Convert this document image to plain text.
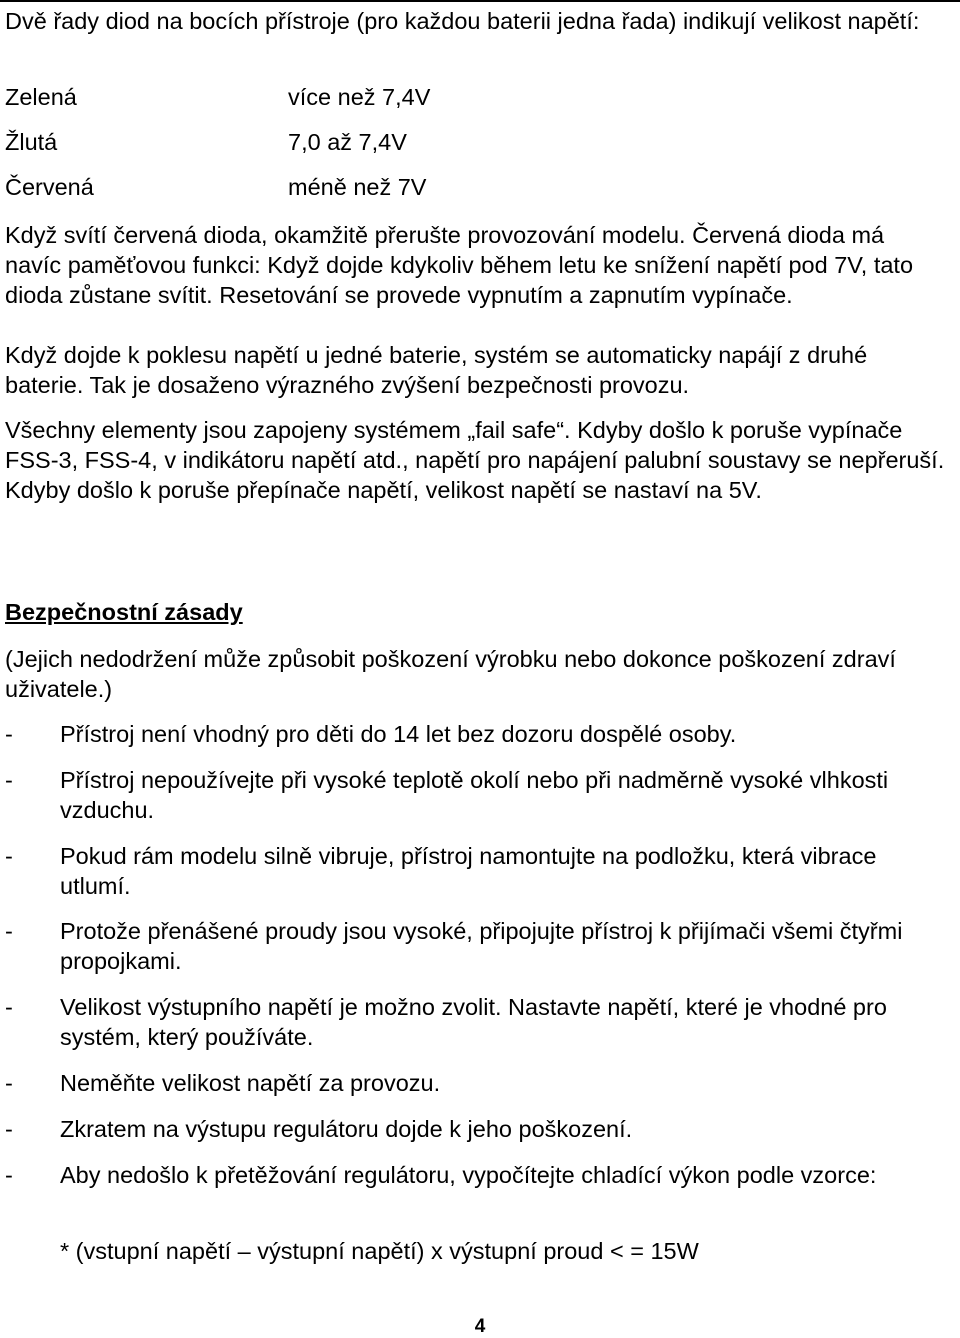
Dvě řady diod na bocích přístroje (pro každou baterii jedna řada) indikují velikost napětí:

Zelená	více než 7,4V
Žlutá	7,0 až 7,4V
Červená	méně než 7V

Když svítí červená dioda, okamžitě přerušte provozování modelu. Červená dioda má navíc paměťovou funkci: Když dojde kdykoliv během letu ke snížení napětí pod 7V, tato dioda zůstane svítit. Resetování se provede vypnutím a zapnutím vypínače.

Když dojde k poklesu napětí u jedné baterie, systém se automaticky napájí z druhé baterie. Tak je dosaženo výrazného zvýšení bezpečnosti provozu.

Všechny elementy jsou zapojeny systémem „fail safe“. Kdyby došlo k poruše vypínače FSS-3, FSS-4, v indikátoru napětí atd., napětí pro napájení palubní soustavy se nepřeruší. Kdyby došlo k poruše přepínače napětí, velikost napětí se nastaví na 5V.

Bezpečnostní zásady

(Jejich nedodržení může způsobit poškození výrobku nebo dokonce poškození zdraví uživatele.)

- Přístroj není vhodný pro děti do 14 let bez dozoru dospělé osoby.
- Přístroj nepoužívejte při vysoké teplotě okolí nebo při nadměrně vysoké vlhkosti vzduchu.
- Pokud rám modelu silně vibruje, přístroj namontujte na podložku, která vibrace utlumí.
- Protože přenášené proudy jsou vysoké, připojujte přístroj k přijímači všemi čtyřmi propojkami.
- Velikost výstupního napětí je možno zvolit. Nastavte napětí, které je vhodné pro systém, který používáte.
- Neměňte velikost napětí za provozu.
- Zkratem na výstupu regulátoru dojde k jeho poškození.
- Aby nedošlo k přetěžování regulátoru, vypočítejte chladící výkon podle vzorce:
* (vstupní napětí – výstupní napětí) x výstupní proud < = 15W
4
